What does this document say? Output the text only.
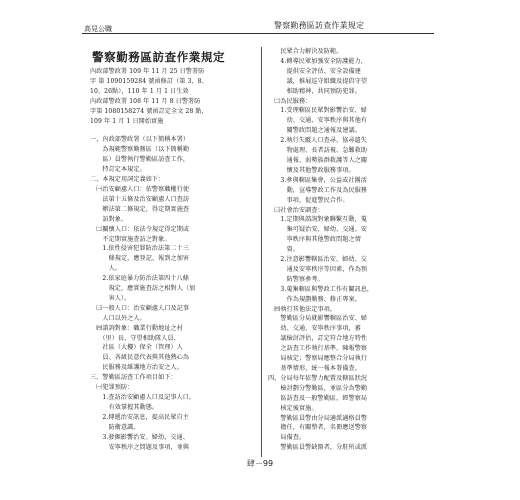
高見公職	警察勤務區訪查作業規定
警察勤務區訪查作業規定
內政部警政署 109 年 11 月 25 日警署防
字 第 1090159284 號函修訂（第 3、8、
10、26點），110 年 1 月 1 日生效
內政部警政署 108 年 11 月 8 日警署防
字第 1080158274 號函訂定全文 28 點，
109 年 1 月 1 日開始實施
一、內政部警政署（以下簡稱本署）
　　為規範警察勤務區（以下簡稱勤
　　區）員警執行警勤區訪查工作，
　　特訂定本規定。
二、本規定用詞定義如下：
　㈠治安顧慮人口：依警察職權行使
　　法第十五條及治安顧慮人口查訪
　　辦法第二條規定，得定期實施查
　　訪對象。
　㈡關懷人口：依法令規定得定期或
　　不定期實施查訪之對象。
　　1.依性侵害犯罪防治法第二十三
　　　條規定，應登記、報到之加害
　　　人。
　　2.依家庭暴力防治法第四十八條
　　　規定，應實施查訪之相對人（加
　　　害人）。
　㈢一般人口：治安顧慮人口及記事
　　人口以外之人。
　㈣諮詢對象：職業行動地址之村
　　（里）長、守望相助隊人員、
　　社區（大樓）保全（管理）人
　　員、各級民意代表與其他熱心為
　　民服務及維護地方治安之人。
三、警勤區訪查工作項目如下：
　㈠犯罪預防：
　　1.查訪治安顧慮人口及記事人口，
　　　有效掌握其動態。
　　2.傳遞治安訊息，提高民眾自主
　　　防衛意識。
　　3.發掘影響治安、婦幼、交通、
　　　安寧秩序之問題及事項，並與
　　民眾合力解決及防範。
　　4.轉導民眾加強安全防護能力，
　　　提供安全評估、安全設備建
　　　議，推展巡守組織及提倡守望
　　　相助精神，共同預防犯罪。
　㈡為民服務：
　　1.受理轄區民眾對影響治安、婦
　　　幼、交通、安寧秩序與其他有
　　　關警政問題之通報及建議。
　　2.執行失蹤人口查尋、協尋遺失
　　　物處理、長者訪視、急難救助
　　　通報、弱勢族群救護等人之關
　　　懷及其他警政服務事項。
　　3.參與轄區集會，公益或社團活
　　　動，宣導警政工作及為民服務
　　　事項，促進警民合作。
　㈢社會治安調查：
　　1.定期與諮詢對象聯繫互動，蒐
　　　集可疑治安、婦幼、交通、安
　　　寧秩序與其他警政問題之情
　　　資。
　　2.注意影響轄區治安、婦幼、交
　　　通及安寧秩序等因素，作為預
　　　防警察參考。
　　3.蒐集轄區與警政工作有關訊息，
　　　作為規劃勤務、修正專案。
　㈣執行其他法定事項。
　　警勤區分局就影響轄區治安、婦
　　幼、交通、安寧秩序事項，審
　　議檢討評估，訂定符合地方特性
　　之訪查工作執行基準，陳報警察
　　局核定；警察局應整合分局執行
　　基準情形，統一報本署備查。
四、分局每年依警力配置及轄區狀況
　　檢討劃分警勤區，並區分為警勤
　　區訪查及一般警勤區，經警察局
　　核定後實施。
　　警勤區員警由分局適派適格員警
　　擔任，有關整者，名冊應送警察
　　局備查。
　　警勤區員警缺額者，分駐所或派
肆－99
